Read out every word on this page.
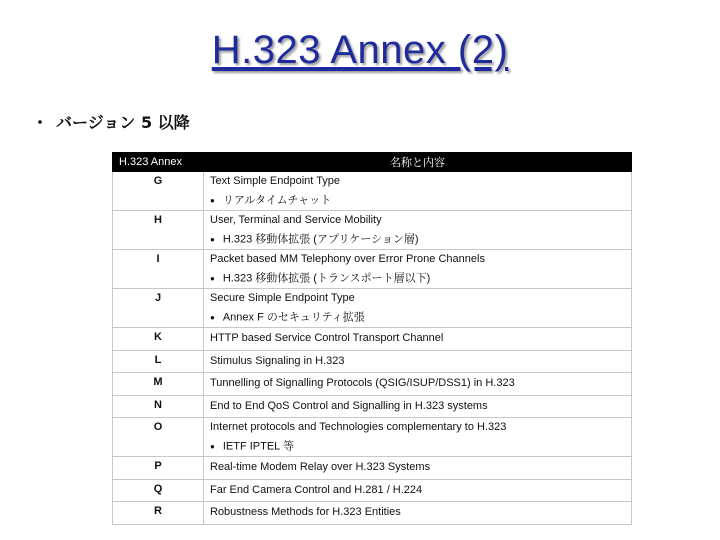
H.323 Annex (2)
・ バージョン 5 以降
H.323 Annex	名称と内容
G	Text Simple Endpoint Type
● リアルタイムチャット

H	User, Terminal and Service Mobility
● H.323 移動体拡張 (アプリケーション層)

I	Packet based MM Telephony over Error Prone Channels
● H.323 移動体拡張 (トランスポート層以下)

J	Secure Simple Endpoint Type
● Annex F のセキュリティ拡張

K	HTTP based Service Control Transport Channel

L	Stimulus Signaling in H.323

M	Tunnelling of Signalling Protocols (QSIG/ISUP/DSS1) in H.323

N	End to End QoS Control and Signalling in H.323 systems

O	Internet protocols and Technologies complementary to H.323
● IETF IPTEL 等

P	Real-time Modem Relay over H.323 Systems

Q	Far End Camera Control and H.281 / H.224

R	Robustness Methods for H.323 Entities
